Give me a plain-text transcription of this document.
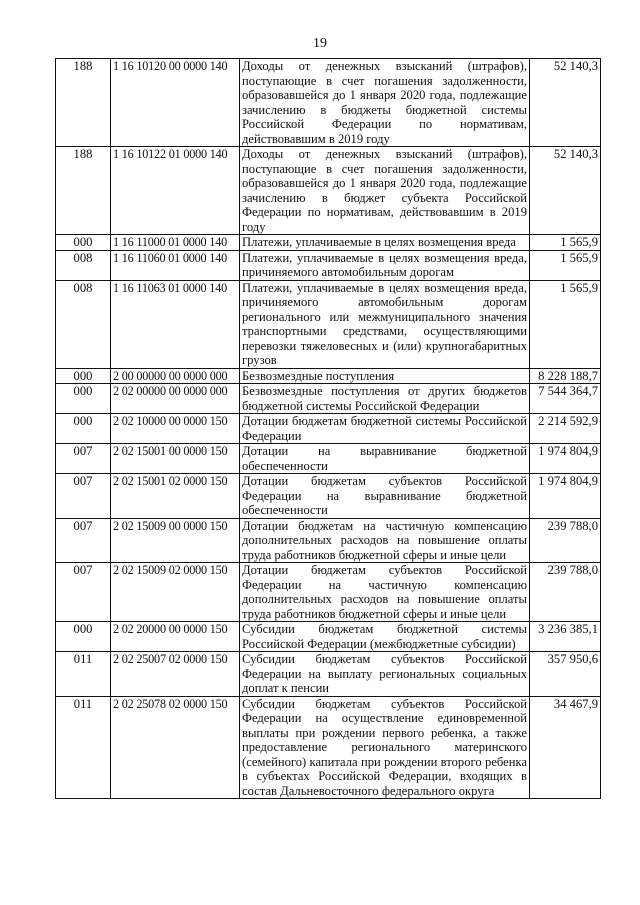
19
188	1 16 10120 00 0000 140	Доходы от денежных взысканий (штрафов), поступающие в счет погашения задолженности, образовавшейся до 1 января 2020 года, подлежащие зачислению в бюджеты бюджетной системы Российской Федерации по нормативам, действовавшим в 2019 году	52 140,3
188	1 16 10122 01 0000 140	Доходы от денежных взысканий (штрафов), поступающие в счет погашения задолженности, образовавшейся до 1 января 2020 года, подлежащие зачислению в бюджет субъекта Российской Федерации по нормативам, действовавшим в 2019 году	52 140,3
000	1 16 11000 01 0000 140	Платежи, уплачиваемые в целях возмещения вреда	1 565,9
008	1 16 11060 01 0000 140	Платежи, уплачиваемые в целях возмещения вреда, причиняемого автомобильным дорогам	1 565,9
008	1 16 11063 01 0000 140	Платежи, уплачиваемые в целях возмещения вреда, причиняемого автомобильным дорогам регионального или межмуниципального значения транспортными средствами, осуществляющими перевозки тяжеловесных и (или) крупногабаритных грузов	1 565,9
000	2 00 00000 00 0000 000	Безвозмездные поступления	8 228 188,7
000	2 02 00000 00 0000 000	Безвозмездные поступления от других бюджетов бюджетной системы Российской Федерации	7 544 364,7
000	2 02 10000 00 0000 150	Дотации бюджетам бюджетной системы Российской Федерации	2 214 592,9
007	2 02 15001 00 0000 150	Дотации на выравнивание бюджетной обеспеченности	1 974 804,9
007	2 02 15001 02 0000 150	Дотации бюджетам субъектов Российской Федерации на выравнивание бюджетной обеспеченности	1 974 804,9
007	2 02 15009 00 0000 150	Дотации бюджетам на частичную компенсацию дополнительных расходов на повышение оплаты труда работников бюджетной сферы и иные цели	239 788,0
007	2 02 15009 02 0000 150	Дотации бюджетам субъектов Российской Федерации на частичную компенсацию дополнительных расходов на повышение оплаты труда работников бюджетной сферы и иные цели	239 788,0
000	2 02 20000 00 0000 150	Субсидии бюджетам бюджетной системы Российской Федерации (межбюджетные субсидии)	3 236 385,1
011	2 02 25007 02 0000 150	Субсидии бюджетам субъектов Российской Федерации на выплату региональных социальных доплат к пенсии	357 950,6
011	2 02 25078 02 0000 150	Субсидии бюджетам субъектов Российской Федерации на осуществление единовременной выплаты при рождении первого ребенка, а также предоставление регионального материнского (семейного) капитала при рождении второго ребенка в субъектах Российской Федерации, входящих в состав Дальневосточного федерального округа	34 467,9
